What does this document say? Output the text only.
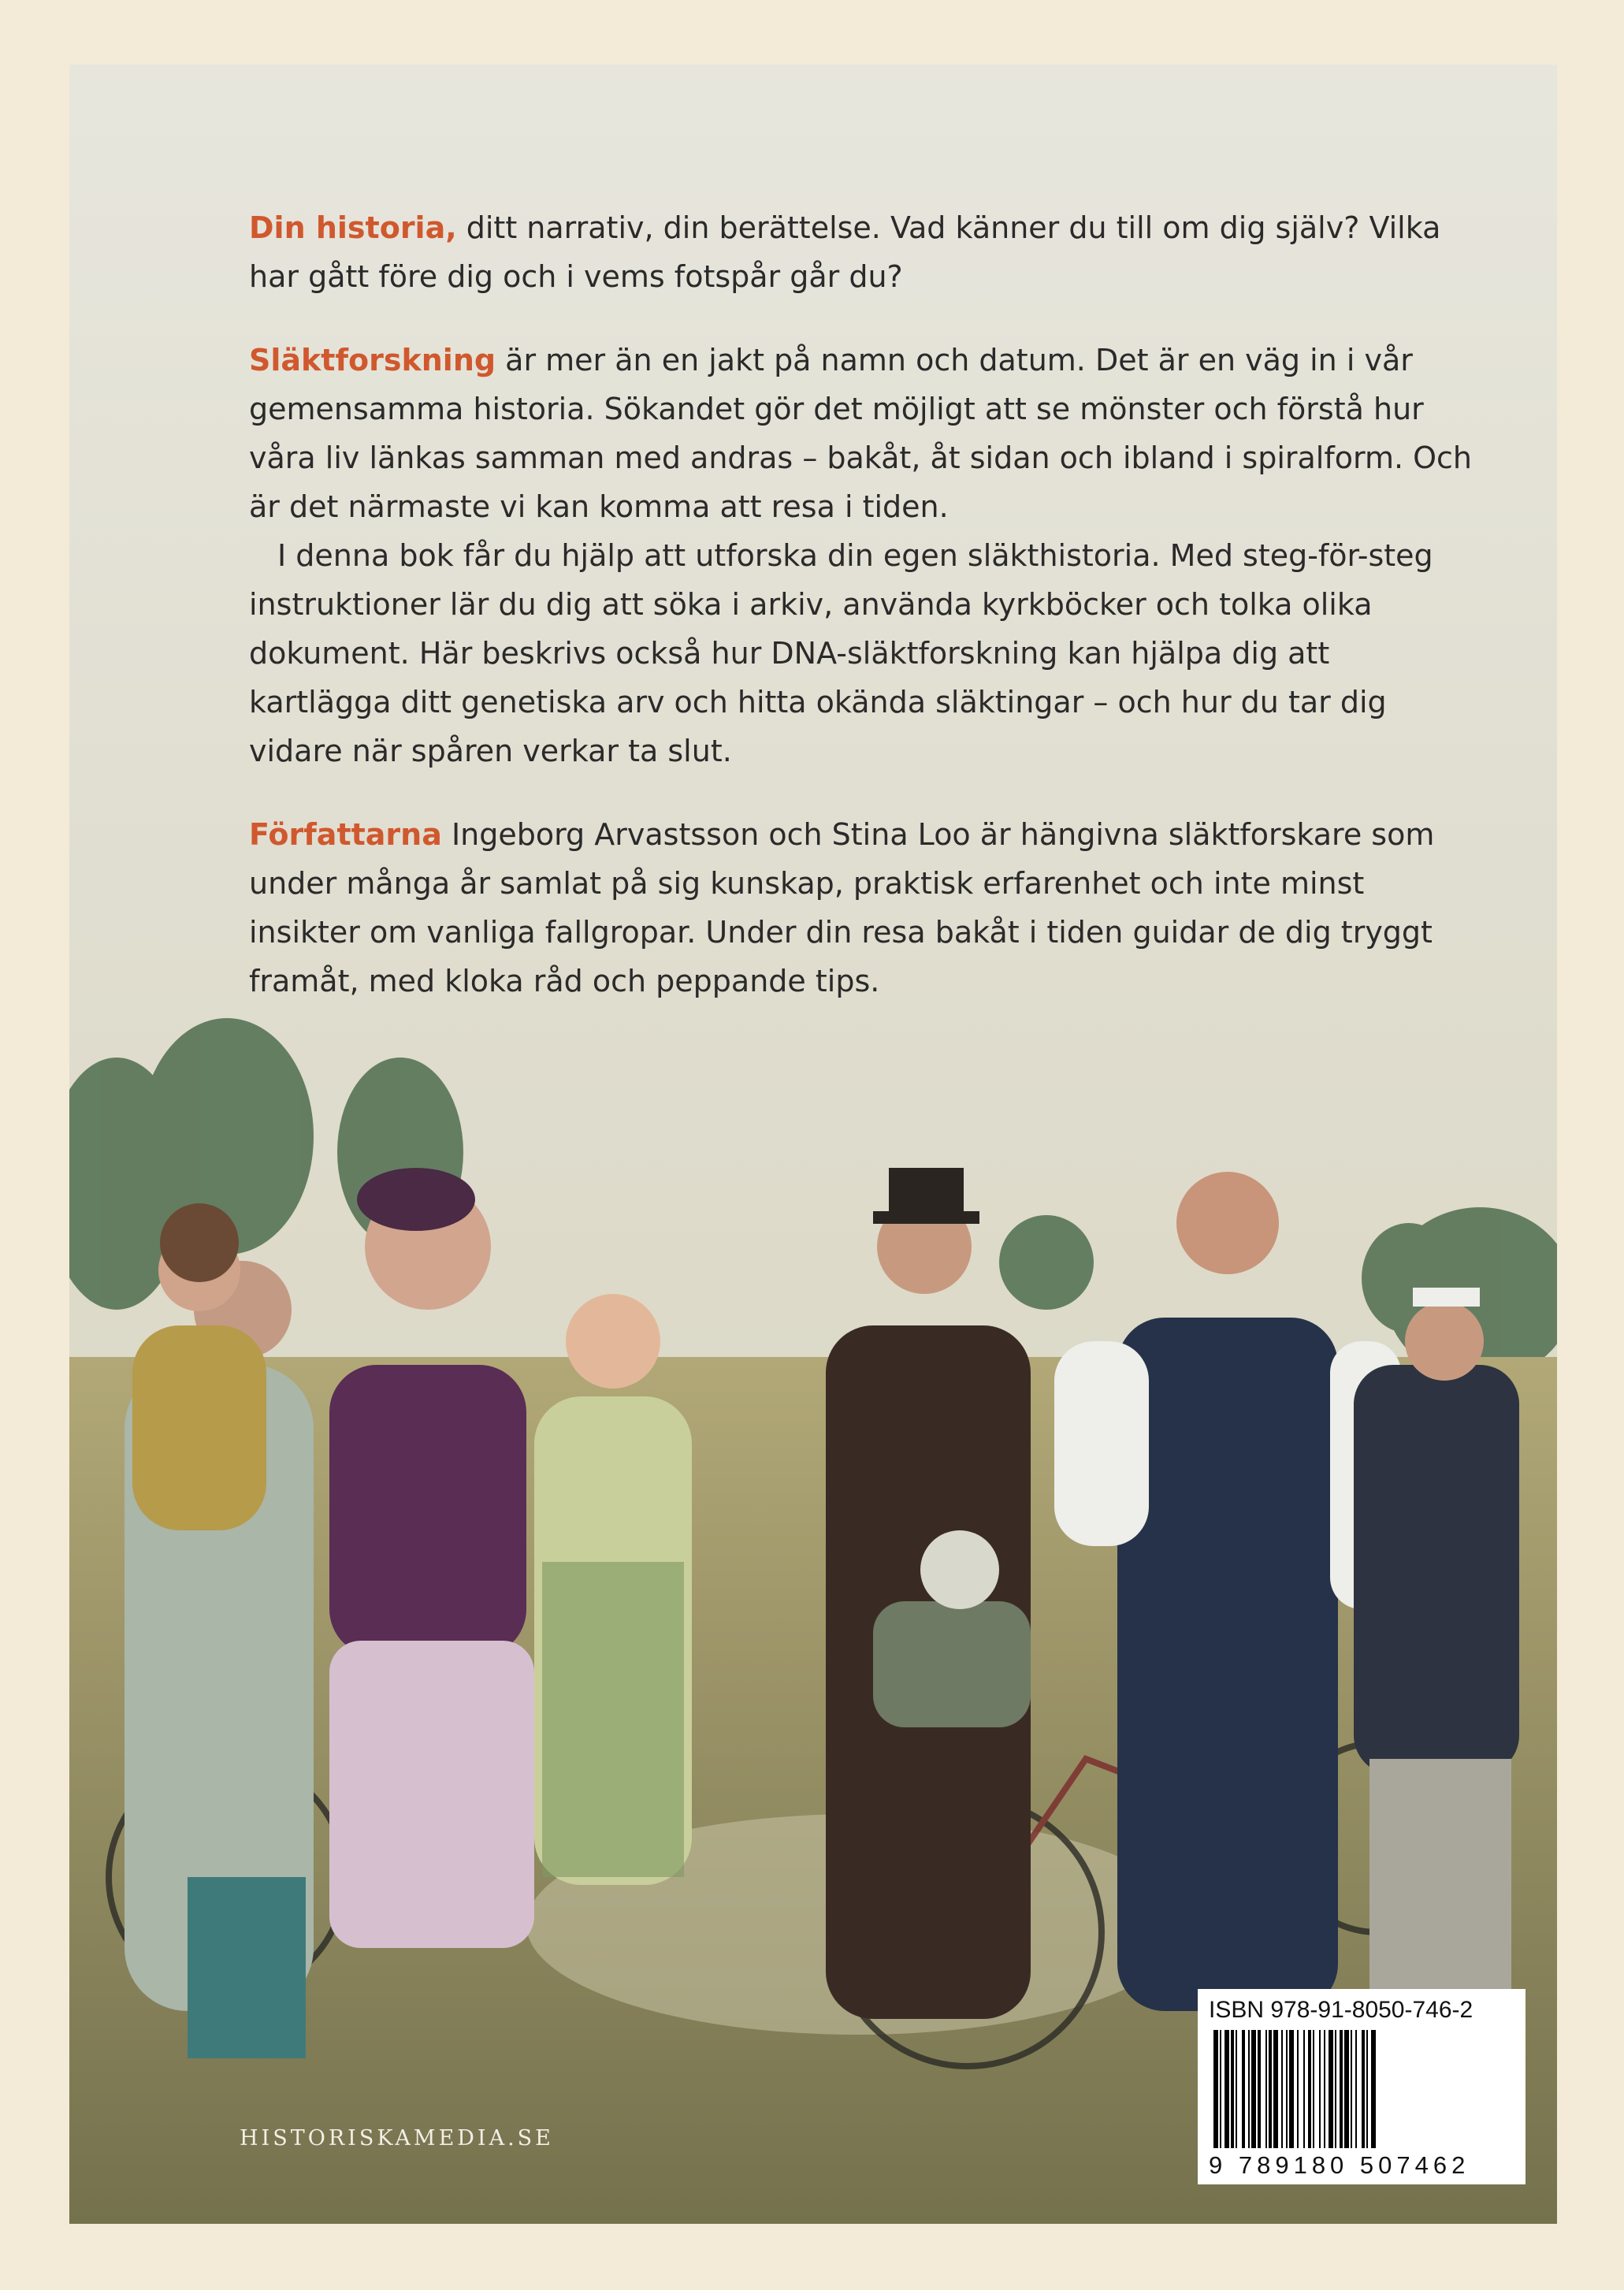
Din historia, ditt narrativ, din berättelse. Vad känner du till om dig själv? Vilka har gått före dig och i vems fotspår går du?

Släktforskning är mer än en jakt på namn och datum. Det är en väg in i vår gemensamma historia. Sökandet gör det möjligt att se mönster och förstå hur våra liv länkas samman med andras – bakåt, åt sidan och ibland i spiralform. Och är det närmaste vi kan komma att resa i tiden.

I denna bok får du hjälp att utforska din egen släkthistoria. Med steg-för-steg instruktioner lär du dig att söka i arkiv, använda kyrkböcker och tolka olika dokument. Här beskrivs också hur DNA-släktforskning kan hjälpa dig att kartlägga ditt genetiska arv och hitta okända släktingar – och hur du tar dig vidare när spåren verkar ta slut.

Författarna Ingeborg Arvastsson och Stina Loo är hängivna släktforskare som under många år samlat på sig kunskap, praktisk erfarenhet och inte minst insikter om vanliga fallgropar. Under din resa bakåt i tiden guidar de dig tryggt framåt, med kloka råd och peppande tips.

HISTORISKAMEDIA.SE
ISBN 978-91-8050-746-2
9 789180 507462
